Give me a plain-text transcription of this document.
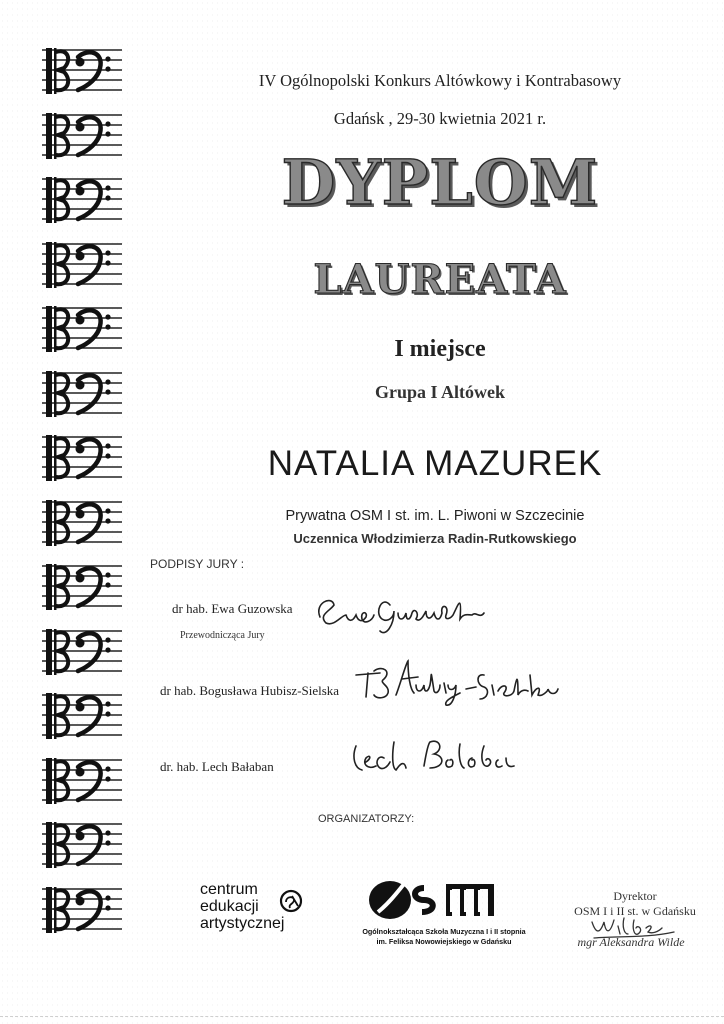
IV Ogólnopolski Konkurs Altówkowy i Kontrabasowy
Gdańsk , 29-30 kwietnia 2021 r.
DYPLOM
LAUREATA
I miejsce
Grupa I Altówek
NATALIA MAZUREK
Prywatna OSM I st. im. L. Piwoni w Szczecinie
Uczennica Włodzimierza Radin-Rutkowskiego
PODPISY JURY :
dr hab. Ewa Guzowska
Przewodnicząca Jury
dr hab. Bogusława Hubisz-Sielska
dr. hab. Lech Bałaban
ORGANIZATORZY:
centrum
edukacji
artystycznej	Ogólnokształcąca Szkoła Muzyczna I i II stopnia
im. Feliksa Nowowiejskiego w Gdańsku
Dyrektor
OSM I i II st. w Gdańsku
mgr Aleksandra Wilde
